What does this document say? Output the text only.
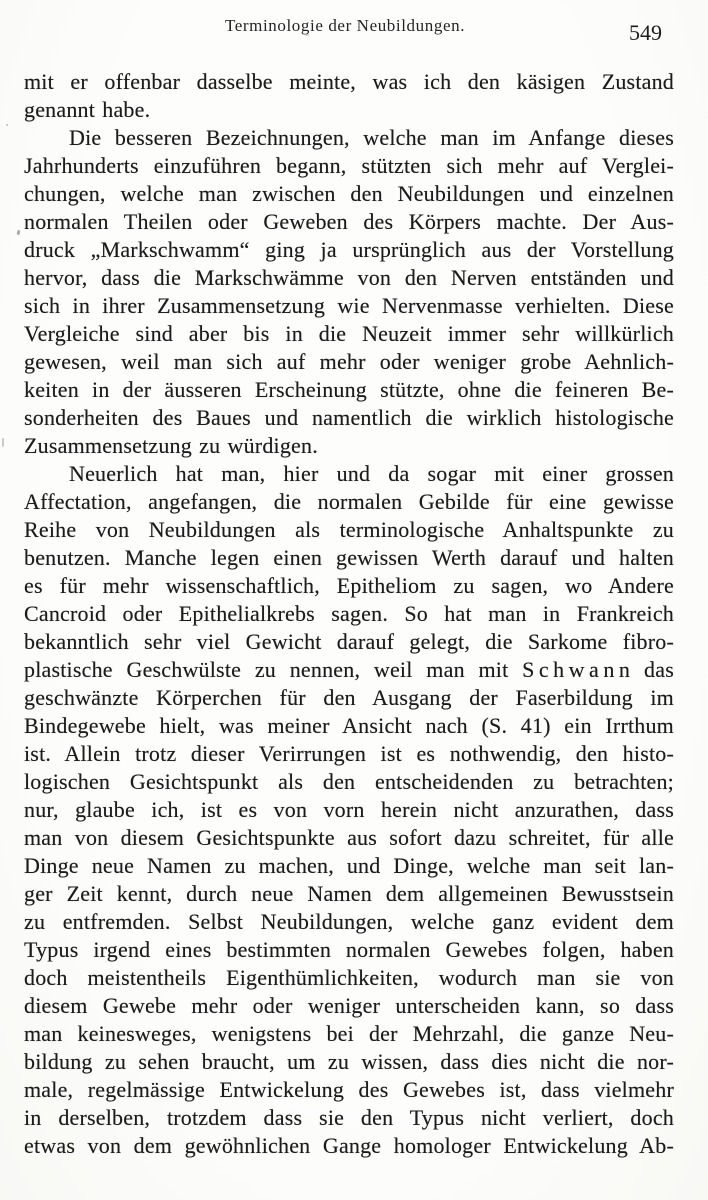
Terminologie der Neubildungen.	549
mit er offenbar dasselbe meinte, was ich den käsigen Zustand
genannt habe.
Die besseren Bezeichnungen, welche man im Anfange dieses
Jahrhunderts einzuführen begann, stützten sich mehr auf Verglei-
chungen, welche man zwischen den Neubildungen und einzelnen
normalen Theilen oder Geweben des Körpers machte. Der Aus-
druck „Markschwamm“ ging ja ursprünglich aus der Vorstellung
hervor, dass die Markschwämme von den Nerven entständen und
sich in ihrer Zusammensetzung wie Nervenmasse verhielten. Diese
Vergleiche sind aber bis in die Neuzeit immer sehr willkürlich
gewesen, weil man sich auf mehr oder weniger grobe Aehnlich-
keiten in der äusseren Erscheinung stützte, ohne die feineren Be-
sonderheiten des Baues und namentlich die wirklich histologische
Zusammensetzung zu würdigen.
Neuerlich hat man, hier und da sogar mit einer grossen
Affectation, angefangen, die normalen Gebilde für eine gewisse
Reihe von Neubildungen als terminologische Anhaltspunkte zu
benutzen. Manche legen einen gewissen Werth darauf und halten
es für mehr wissenschaftlich, Epitheliom zu sagen, wo Andere
Cancroid oder Epithelialkrebs sagen. So hat man in Frankreich
bekanntlich sehr viel Gewicht darauf gelegt, die Sarkome fibro-
plastische Geschwülste zu nennen, weil man mit Schwann das
geschwänzte Körperchen für den Ausgang der Faserbildung im
Bindegewebe hielt, was meiner Ansicht nach (S. 41) ein Irrthum
ist. Allein trotz dieser Verirrungen ist es nothwendig, den histo-
logischen Gesichtspunkt als den entscheidenden zu betrachten;
nur, glaube ich, ist es von vorn herein nicht anzurathen, dass
man von diesem Gesichtspunkte aus sofort dazu schreitet, für alle
Dinge neue Namen zu machen, und Dinge, welche man seit lan-
ger Zeit kennt, durch neue Namen dem allgemeinen Bewusstsein
zu entfremden. Selbst Neubildungen, welche ganz evident dem
Typus irgend eines bestimmten normalen Gewebes folgen, haben
doch meistentheils Eigenthümlichkeiten, wodurch man sie von
diesem Gewebe mehr oder weniger unterscheiden kann, so dass
man keinesweges, wenigstens bei der Mehrzahl, die ganze Neu-
bildung zu sehen braucht, um zu wissen, dass dies nicht die nor-
male, regelmässige Entwickelung des Gewebes ist, dass vielmehr
in derselben, trotzdem dass sie den Typus nicht verliert, doch
etwas von dem gewöhnlichen Gange homologer Entwickelung Ab-
